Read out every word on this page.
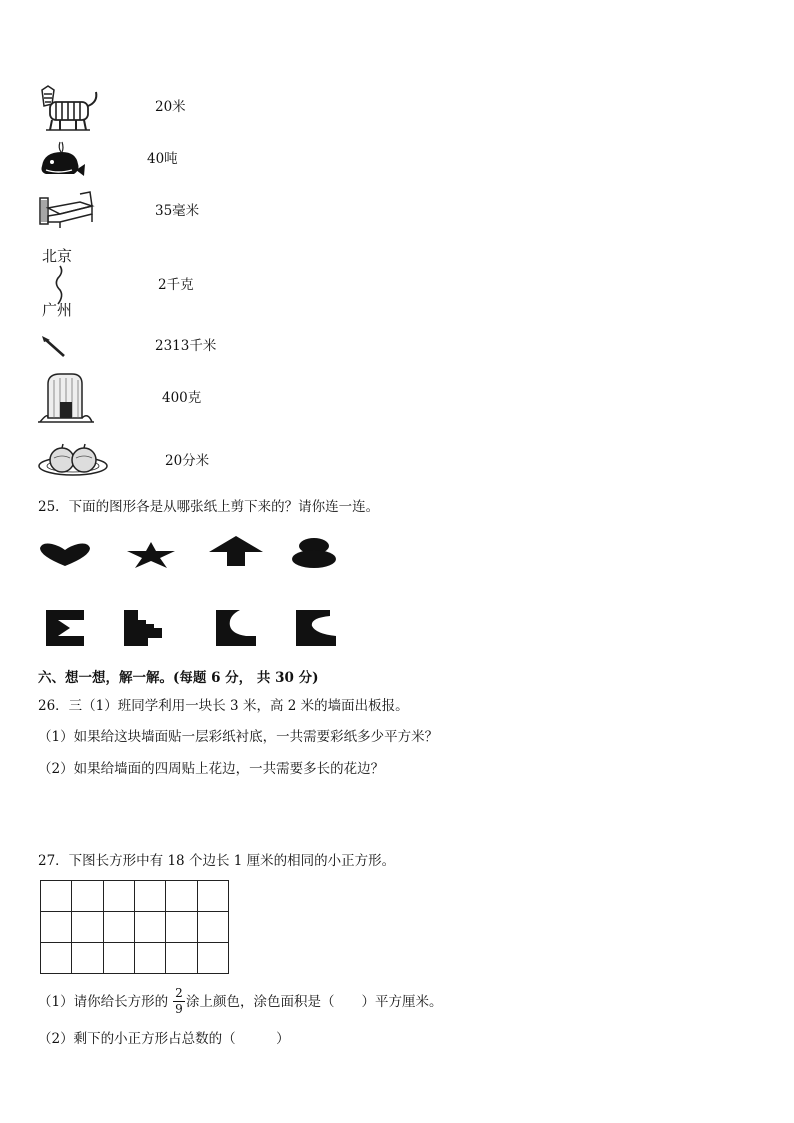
北京
广州
20米
40吨
35毫米
2千克
2313千米
400克
20分米
25．下面的图形各是从哪张纸上剪下来的？请你连一连。
六、想一想，解一解。(每题 6 分， 共 30 分)
26．三（1）班同学利用一块长 3 米，高 2 米的墙面出板报。
（1）如果给这块墙面贴一层彩纸衬底，一共需要彩纸多少平方米？
（2）如果给墙面的四周贴上花边，一共需要多长的花边？
27．下图长方形中有 18 个边长 1 厘米的相同的小正方形。

（1）请你给长方形的
2
9 涂上颜色，涂色面积是（　　）平方厘米。
（2）剩下的小正方形占总数的（　　　）
